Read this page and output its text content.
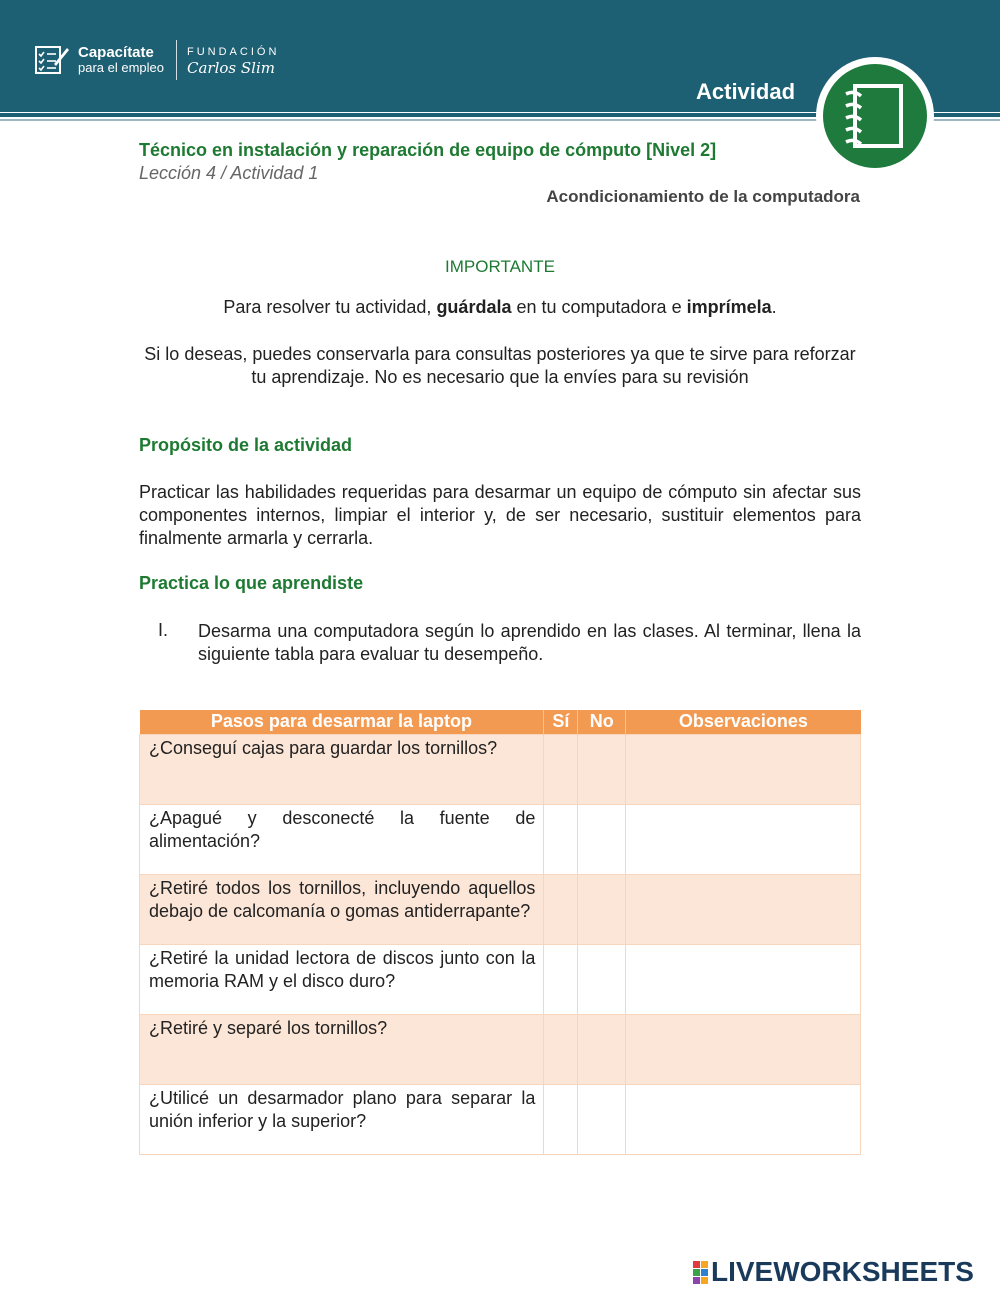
Capacítate
para el empleo
FUNDACIÓN
Carlos Slim
Actividad
Técnico en instalación y reparación de equipo de cómputo [Nivel 2]
Lección 4 / Actividad 1
Acondicionamiento de la computadora
IMPORTANTE
Para resolver tu actividad, guárdala en tu computadora e imprímela.
Si lo deseas, puedes conservarla para consultas posteriores ya que te sirve para reforzar tu aprendizaje. No es necesario que la envíes para su revisión
Propósito de la actividad
Practicar las habilidades requeridas para desarmar un equipo de cómputo sin afectar sus componentes internos, limpiar el interior y, de ser necesario, sustituir elementos para finalmente armarla y cerrarla.
Practica lo que aprendiste
I. Desarma una computadora según lo aprendido en las clases. Al terminar, llena la siguiente tabla para evaluar tu desempeño.
Pasos para desarmar la laptop	Sí	No	Observaciones
¿Conseguí cajas para guardar los tornillos?			
¿Apagué y desconecté la fuente de alimentación?			
¿Retiré todos los tornillos, incluyendo aquellos debajo de calcomanía o gomas antiderrapante?			
¿Retiré la unidad lectora de discos junto con la memoria RAM y el disco duro?			
¿Retiré y separé los tornillos?			
¿Utilicé un desarmador plano para separar la unión inferior y la superior?			
LIVEWORKSHEETS
